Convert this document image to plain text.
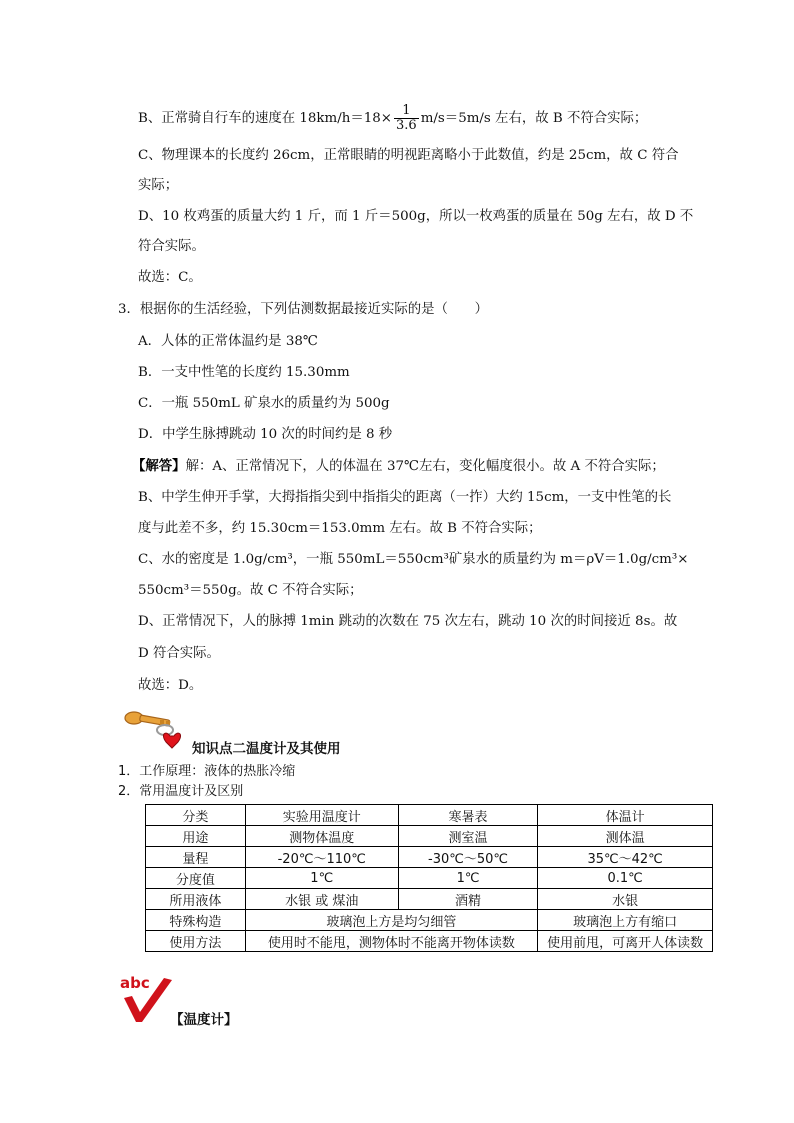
B、正常骑自行车的速度在 $18km/h=18\times \frac{1}{3.6} m/s=5m/s$ 左右，故 B 不符合实际；
C、物理课本的长度约 26cm，正常眼睛的明视距离略小于此数值，约是 25cm，故 C 符合
实际；
D、10 枚鸡蛋的质量大约 1 斤，而 1 斤＝500g，所以一枚鸡蛋的质量在 50g 左右，故 D 不
符合实际。
故选：C。
3．根据你的生活经验，下列估测数据最接近实际的是（　　）
A．人体的正常体温约是 38℃
B．一支中性笔的长度约 15.30mm
C．一瓶 550mL 矿泉水的质量约为 500g
D．中学生脉搏跳动 10 次的时间约是 8 秒
【解答】解：A、正常情况下，人的体温在 37℃左右，变化幅度很小。故 A 不符合实际；
B、中学生伸开手掌，大拇指指尖到中指指尖的距离（一拃）大约 15cm，一支中性笔的长
度与此差不多，约 15.30cm＝153.0mm 左右。故 B 不符合实际；
C、水的密度是 1.0g/cm³，一瓶 550mL＝550cm³矿泉水的质量约为 m＝ρV＝1.0g/cm³×
550cm³＝550g。故 C 不符合实际；
D、正常情况下，人的脉搏 1min 跳动的次数在 75 次左右，跳动 10 次的时间接近 8s。故
D 符合实际。
故选：D。
知识点二温度计及其使用
1．工作原理：液体的热胀冷缩
2．常用温度计及区别
分类	实验用温度计	寒暑表	体温计
用途	测物体温度	测室温	测体温
量程	-20℃～110℃	-30℃～50℃	35℃～42℃
分度值	1℃	1℃	0.1℃
所用液体	水银 或 煤油	酒精	水银
特殊构造	玻璃泡上方是均匀细管		玻璃泡上方有缩口
使用方法	使用时不能甩，测物体时不能离开物体读数		使用前甩，可离开人体读数
abc
【温度计】
